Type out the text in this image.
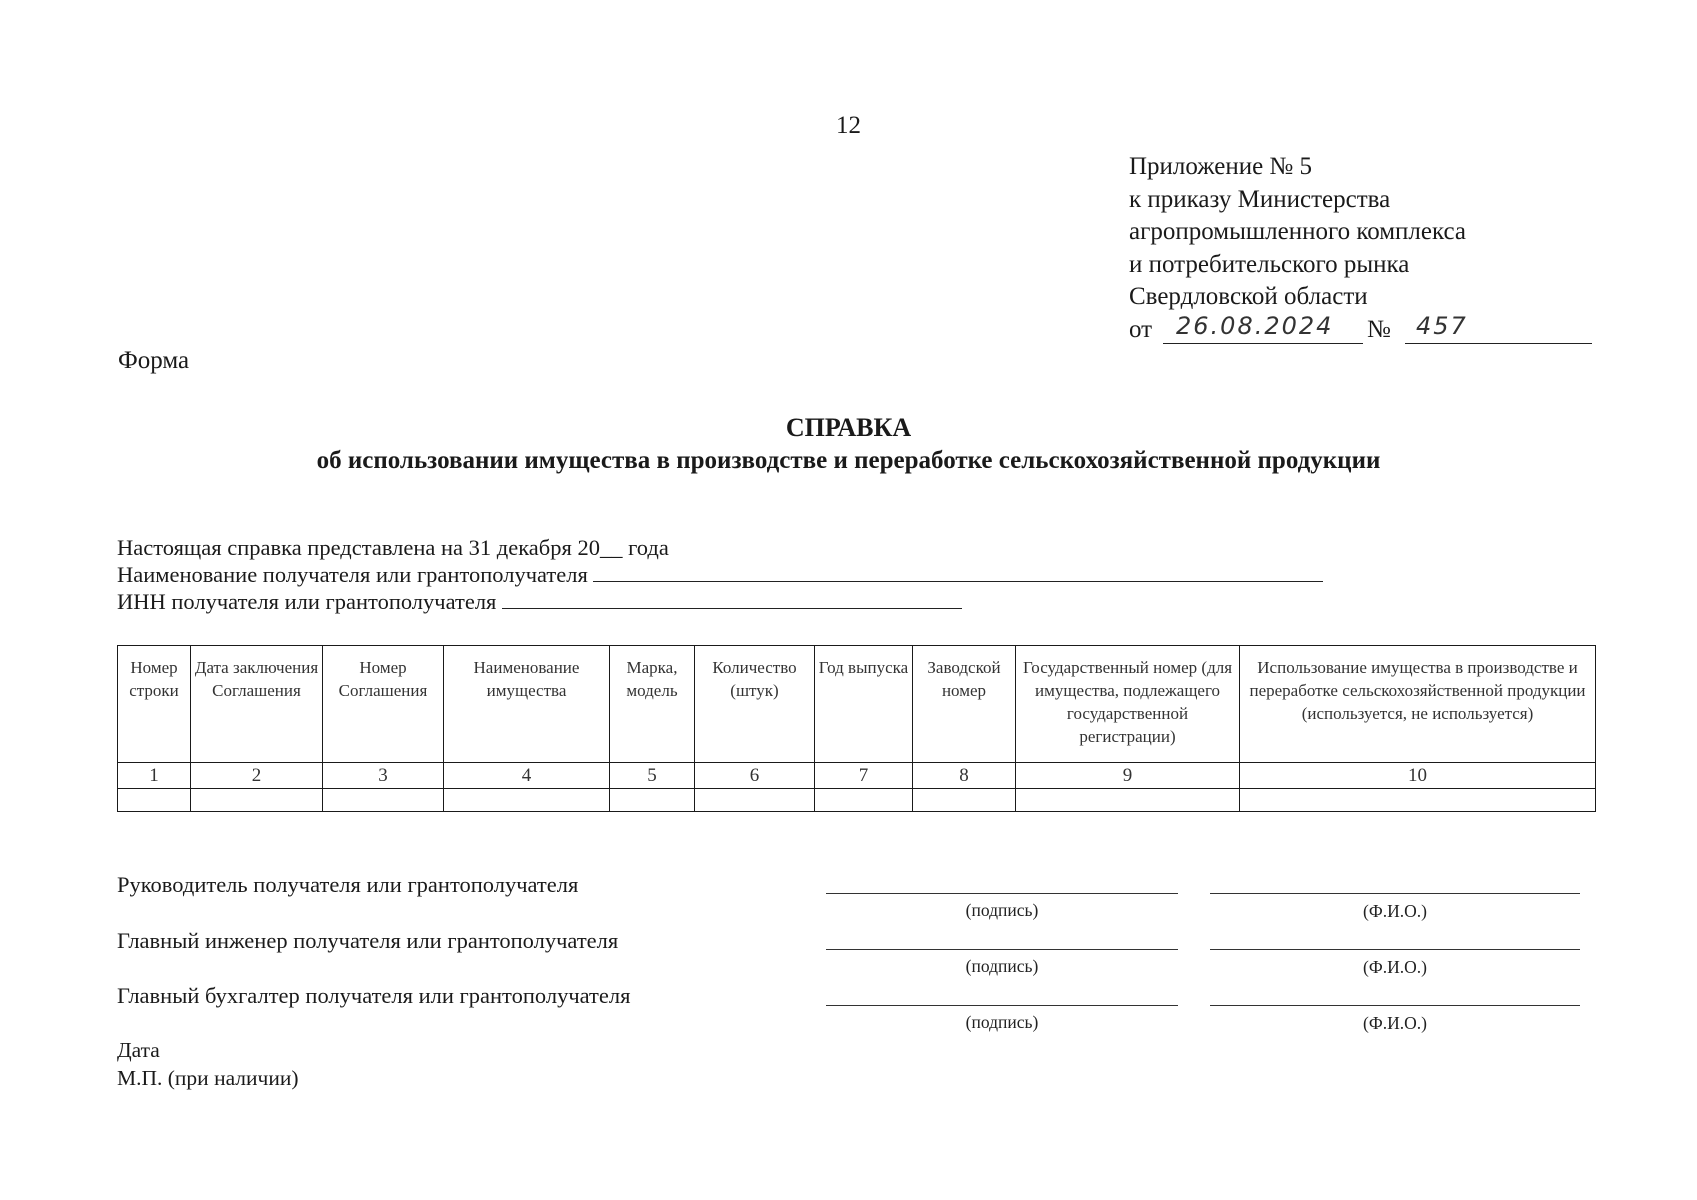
12
Приложение № 5
к приказу Министерства
агропромышленного комплекса
и потребительского рынка
Свердловской области
от 26.08.2024 № 457
Форма
СПРАВКА
об использовании имущества в производстве и переработке сельскохозяйственной продукции
Настоящая справка представлена на 31 декабря 20__ года
Наименование получателя или грантополучателя
ИНН получателя или грантополучателя
Номер строки	Дата заключения Соглашения	Номер Соглашения	Наименование имущества	Марка, модель	Количество (штук)	Год выпуска	Заводской номер	Государственный номер (для имущества, подлежащего государственной регистрации)	Использование имущества в производстве и переработке сельскохозяйственной продукции (используется, не используется)
1	2	3	4	5	6	7	8	9	10

Руководитель получателя или грантополучателя
(подпись)	(Ф.И.О.)
Главный инженер получателя или грантополучателя
(подпись)	(Ф.И.О.)
Главный бухгалтер получателя или грантополучателя
(подпись)	(Ф.И.О.)
Дата
М.П. (при наличии)
